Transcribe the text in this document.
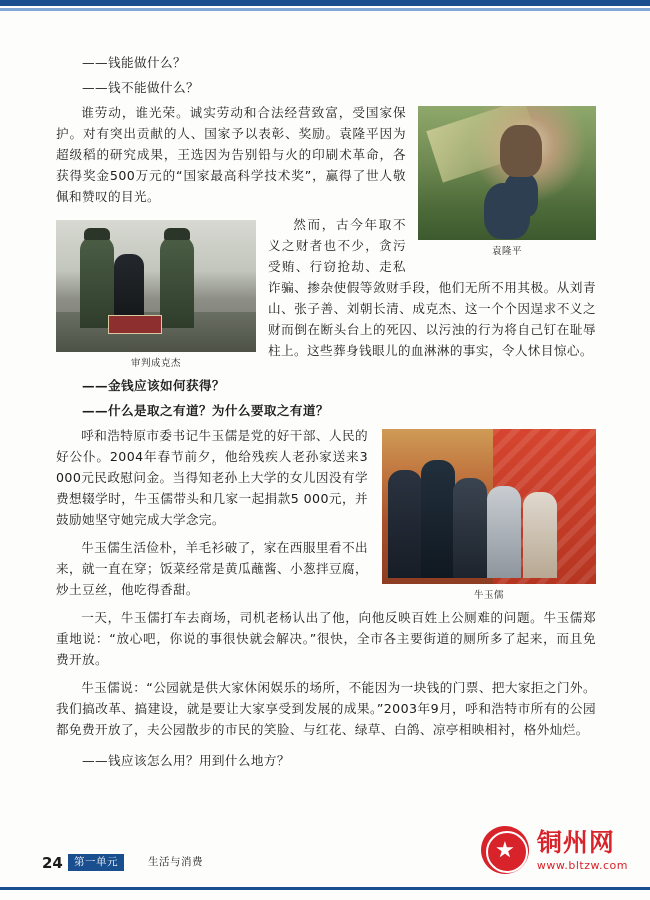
——钱能做什么？

——钱不能做什么？

袁隆平

谁劳动，谁光荣。诚实劳动和合法经营致富，受国家保护。对有突出贡献的人、国家予以表彰、奖励。袁隆平因为超级稻的研究成果，王选因为告别铅与火的印刷术革命，各获得奖金500万元的“国家最高科学技术奖”，赢得了世人敬佩和赞叹的目光。

审判成克杰

然而，古今年取不义之财者也不少，贪污受贿、行窃抢劫、走私诈骗、掺杂使假等敛财手段，他们无所不用其极。从刘青山、张子善、刘朝长清、成克杰、这一个个因逞求不义之财而倒在断头台上的死囚、以污浊的行为将自己钉在耻辱柱上。这些葬身钱眼儿的血淋淋的事实，令人怵目惊心。

——金钱应该如何获得？

——什么是取之有道？为什么要取之有道？

牛玉儒

呼和浩特原市委书记牛玉儒是党的好干部、人民的好公仆。2004年春节前夕，他给残疾人老孙家送来3 000元民政慰问金。当得知老孙上大学的女儿因没有学费想辍学时，牛玉儒带头和几家一起捐款5 000元，并鼓励她坚守她完成大学念完。

牛玉儒生活俭朴，羊毛衫破了，家在西服里看不出来，就一直在穿；饭菜经常是黄瓜蘸酱、小葱拌豆腐，炒土豆丝，他吃得香甜。

一天，牛玉儒打车去商场，司机老杨认出了他，向他反映百姓上公厕难的问题。牛玉儒郑重地说：“放心吧，你说的事很快就会解决。”很快，全市各主要街道的厕所多了起来，而且免费开放。

牛玉儒说：“公园就是供大家休闲娱乐的场所，不能因为一块钱的门票、把大家拒之门外。我们搞改革、搞建设，就是要让大家享受到发展的成果。”2003年9月，呼和浩特市所有的公园都免费开放了，夫公园散步的市民的笑脸、与红花、绿草、白鸽、凉亭相映相衬，格外灿烂。

——钱应该怎么用？用到什么地方？

24	第一单元	生活与消费
铜州网
www.bltzw.com
